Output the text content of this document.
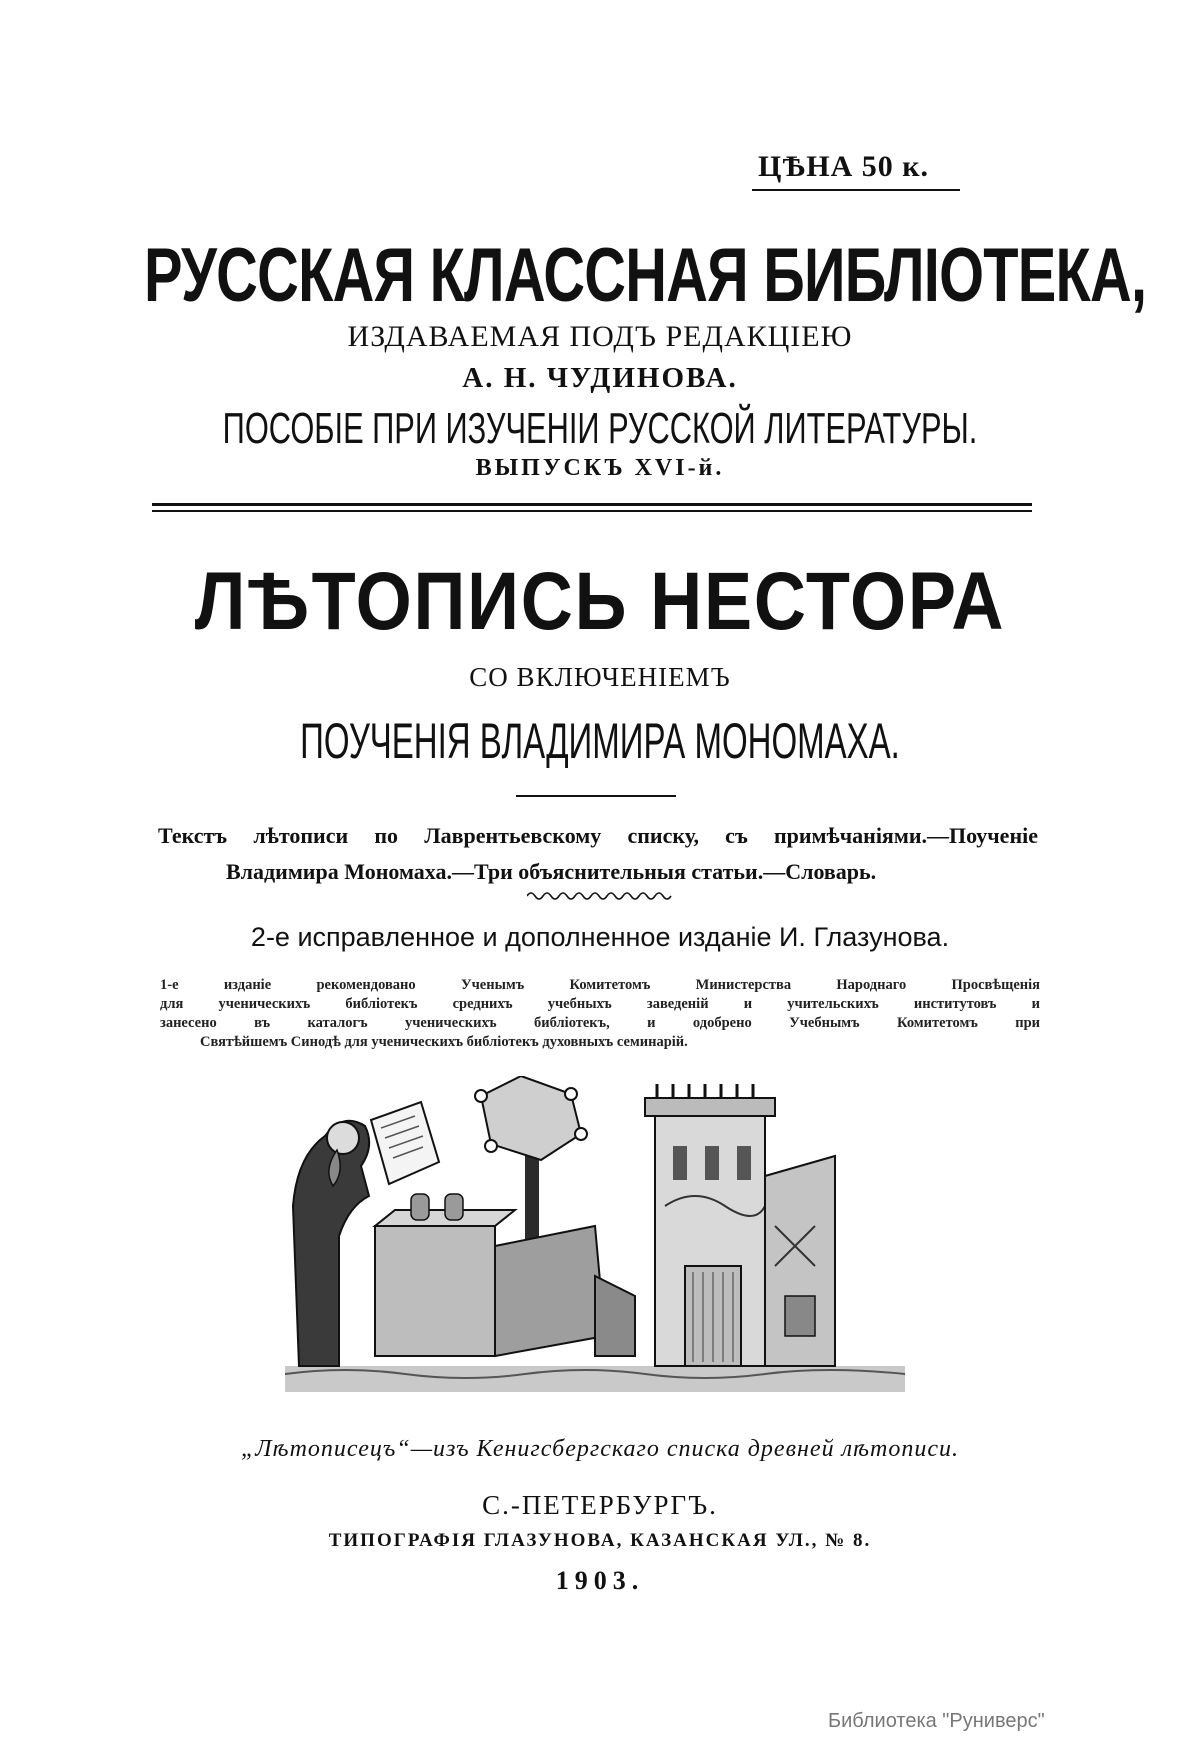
ЦѢНА 50 к.
РУССКАЯ КЛАССНАЯ БИБЛIОТЕКА,
ИЗДАВАЕМАЯ ПОДЪ РЕДАКЦIЕЮ
А. Н. ЧУДИНОВА.
ПОСОБIЕ ПРИ ИЗУЧЕНIИ РУССКОЙ ЛИТЕРАТУРЫ.
ВЫПУСКЪ XVI-й.
ЛѢТОПИСЬ НЕСТОРА
СО ВКЛЮЧЕНIЕМЪ
ПОУЧЕНIЯ ВЛАДИМИРА МОНОМАХА.
Текстъ лѣтописи по Лаврентьевскому списку, съ примѣчанiями.—Поученiе
Владимира Мономаха.—Три объяснительныя статьи.—Словарь.
2-е исправленное и дополненное изданiе И. Глазунова.
1-е изданiе рекомендовано Ученымъ Комитетомъ Министерства Народнаго Просвѣщенiя
для ученическихъ библiотекъ среднихъ учебныхъ заведенiй и учительскихъ институтовъ и
занесено въ каталогъ ученическихъ библiотекъ, и одобрено Учебнымъ Комитетомъ при
Святѣйшемъ Синодѣ для ученическихъ библiотекъ духовныхъ семинарiй.
„Лѣтописецъ“—изъ Кенигсбергскаго списка древней лѣтописи.
С.-ПЕТЕРБУРГЪ.
ТИПОГРАФIЯ ГЛАЗУНОВА, КАЗАНСКАЯ УЛ., № 8.
1903.
Библиотека "Руниверс"
